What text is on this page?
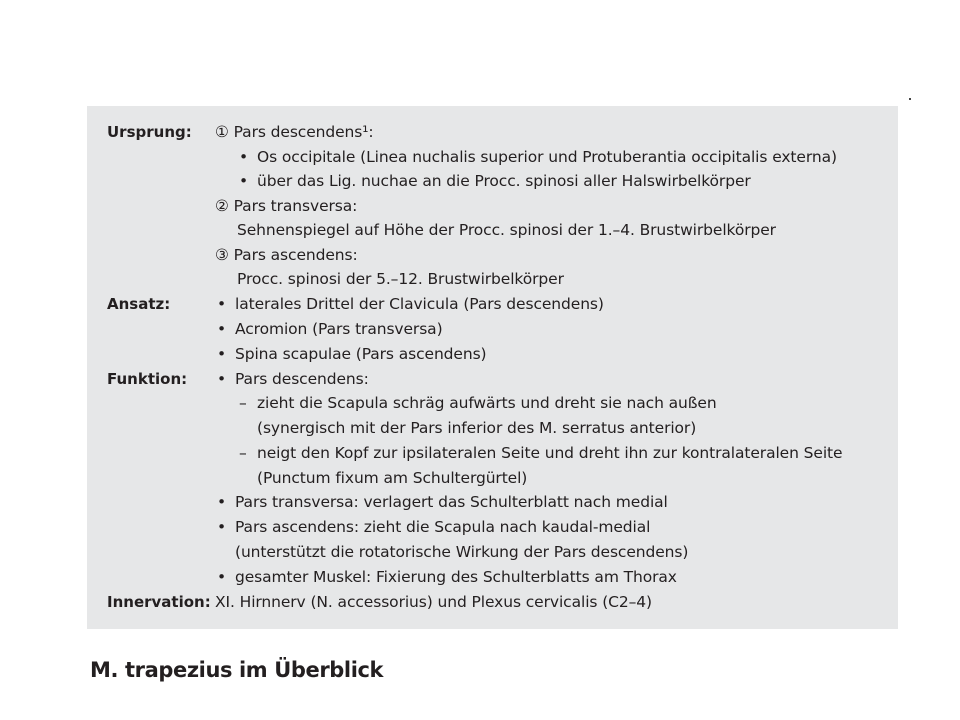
Ursprung:
Ansatz:
Funktion:
Innervation:
① Pars descendens¹:
• Os occipitale (Linea nuchalis superior und Protuberantia occipitalis externa)
• über das Lig. nuchae an die Procc. spinosi aller Halswirbelkörper
② Pars transversa:
Sehnenspiegel auf Höhe der Procc. spinosi der 1.–4. Brustwirbelkörper
③ Pars ascendens:
Procc. spinosi der 5.–12. Brustwirbelkörper
• laterales Drittel der Clavicula (Pars descendens)
• Acromion (Pars transversa)
• Spina scapulae (Pars ascendens)
• Pars descendens:
– zieht die Scapula schräg aufwärts und dreht sie nach außen
(synergisch mit der Pars inferior des M. serratus anterior)
– neigt den Kopf zur ipsilateralen Seite und dreht ihn zur kontralateralen Seite
(Punctum fixum am Schultergürtel)
• Pars transversa: verlagert das Schulterblatt nach medial
• Pars ascendens: zieht die Scapula nach kaudal-medial
(unterstützt die rotatorische Wirkung der Pars descendens)
• gesamter Muskel: Fixierung des Schulterblatts am Thorax
XI. Hirnnerv (N. accessorius) und Plexus cervicalis (C2–4)
M. trapezius im Überblick
